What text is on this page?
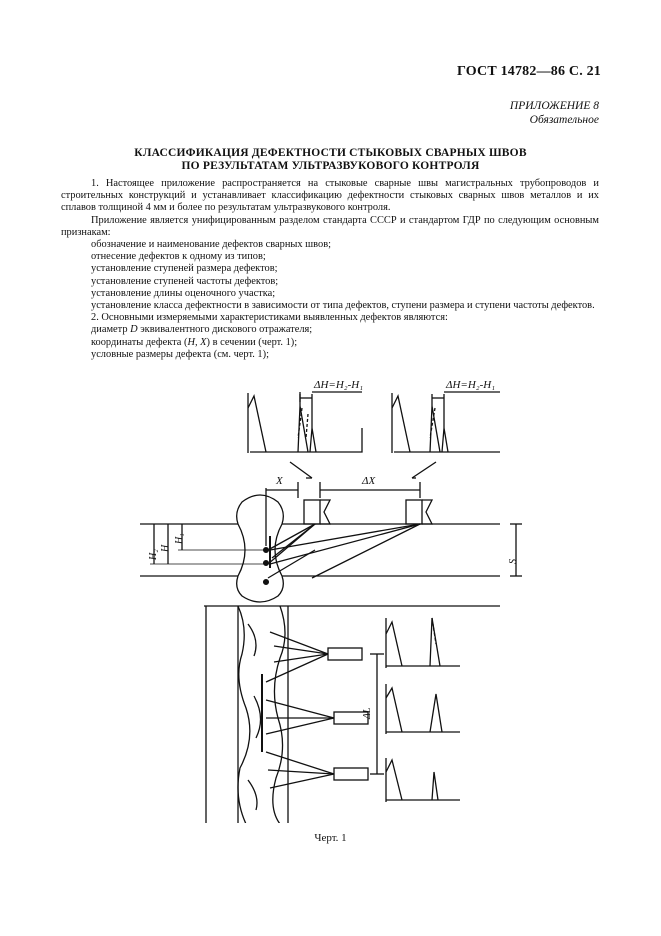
ГОСТ 14782—86 С. 21
ПРИЛОЖЕНИЕ 8
Обязательное
КЛАССИФИКАЦИЯ ДЕФЕКТНОСТИ СТЫКОВЫХ СВАРНЫХ ШВОВ
ПО РЕЗУЛЬТАТАМ УЛЬТРАЗВУКОВОГО КОНТРОЛЯ

1. Настоящее приложение распространяется на стыковые сварные швы магистральных трубопроводов и строительных конструкций и устанавливает классификацию дефектности стыковых сварных швов металлов и их сплавов толщиной 4 мм и более по результатам ультразвукового контроля.

Приложение является унифицированным разделом стандарта СССР и стандартом ГДР по следующим основным признакам:

обозначение и наименование дефектов сварных швов;

отнесение дефектов к одному из типов;

установление ступеней размера дефектов;

установление ступеней частоты дефектов;

установление длины оценочного участка;

установление класса дефектности в зависимости от типа дефектов, ступени размера и ступени частоты дефектов.

2. Основными измеряемыми характеристиками выявленных дефектов являются:

диаметр D эквивалентного дискового отражателя;

координаты дефекта (H, X) в сечении (черт. 1);

условные размеры дефекта (см. черт. 1);

ΔH=H₂-H₁	ΔH=H₂-H₁
X	ΔX
H₂
H
H₁
S
ΔL
Черт. 1
